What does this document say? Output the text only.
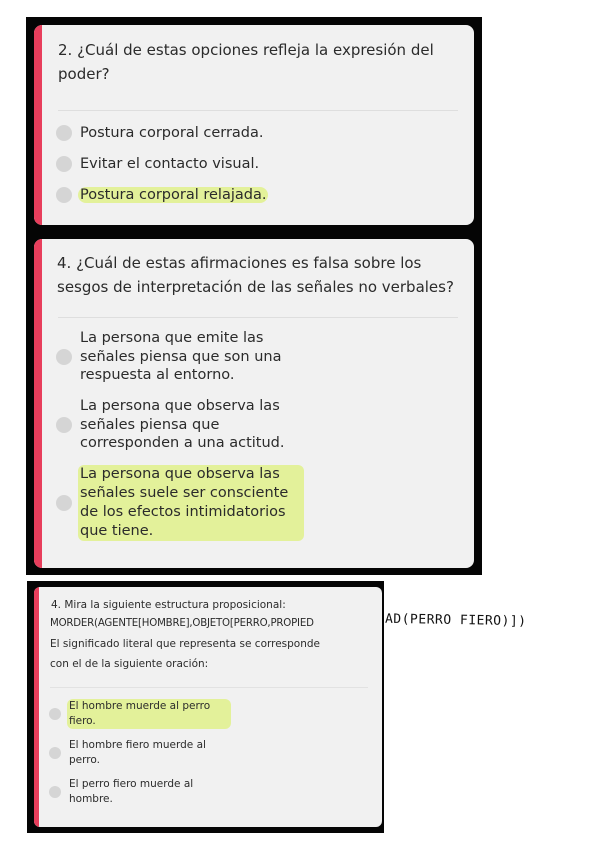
2. ¿Cuál de estas opciones refleja la expresión del poder?
Postura corporal cerrada.
Evitar el contacto visual.
Postura corporal relajada.
4. ¿Cuál de estas afirmaciones es falsa sobre los sesgos de interpretación de las señales no verbales?
La persona que emite las señales piensa que son una respuesta al entorno.
La persona que observa las señales piensa que corresponden a una actitud.
La persona que observa las señales suele ser consciente de los efectos intimidatorios que tiene.
4. Mira la siguiente estructura proposicional:
MORDER(AGENTE[HOMBRE],OBJETO[PERRO,PROPIED
El significado literal que representa se corresponde
con el de la siguiente oración:
El hombre muerde al perro fiero.
El hombre fiero muerde al perro.
El perro fiero muerde al hombre.
AD(PERRO FIERO)])
